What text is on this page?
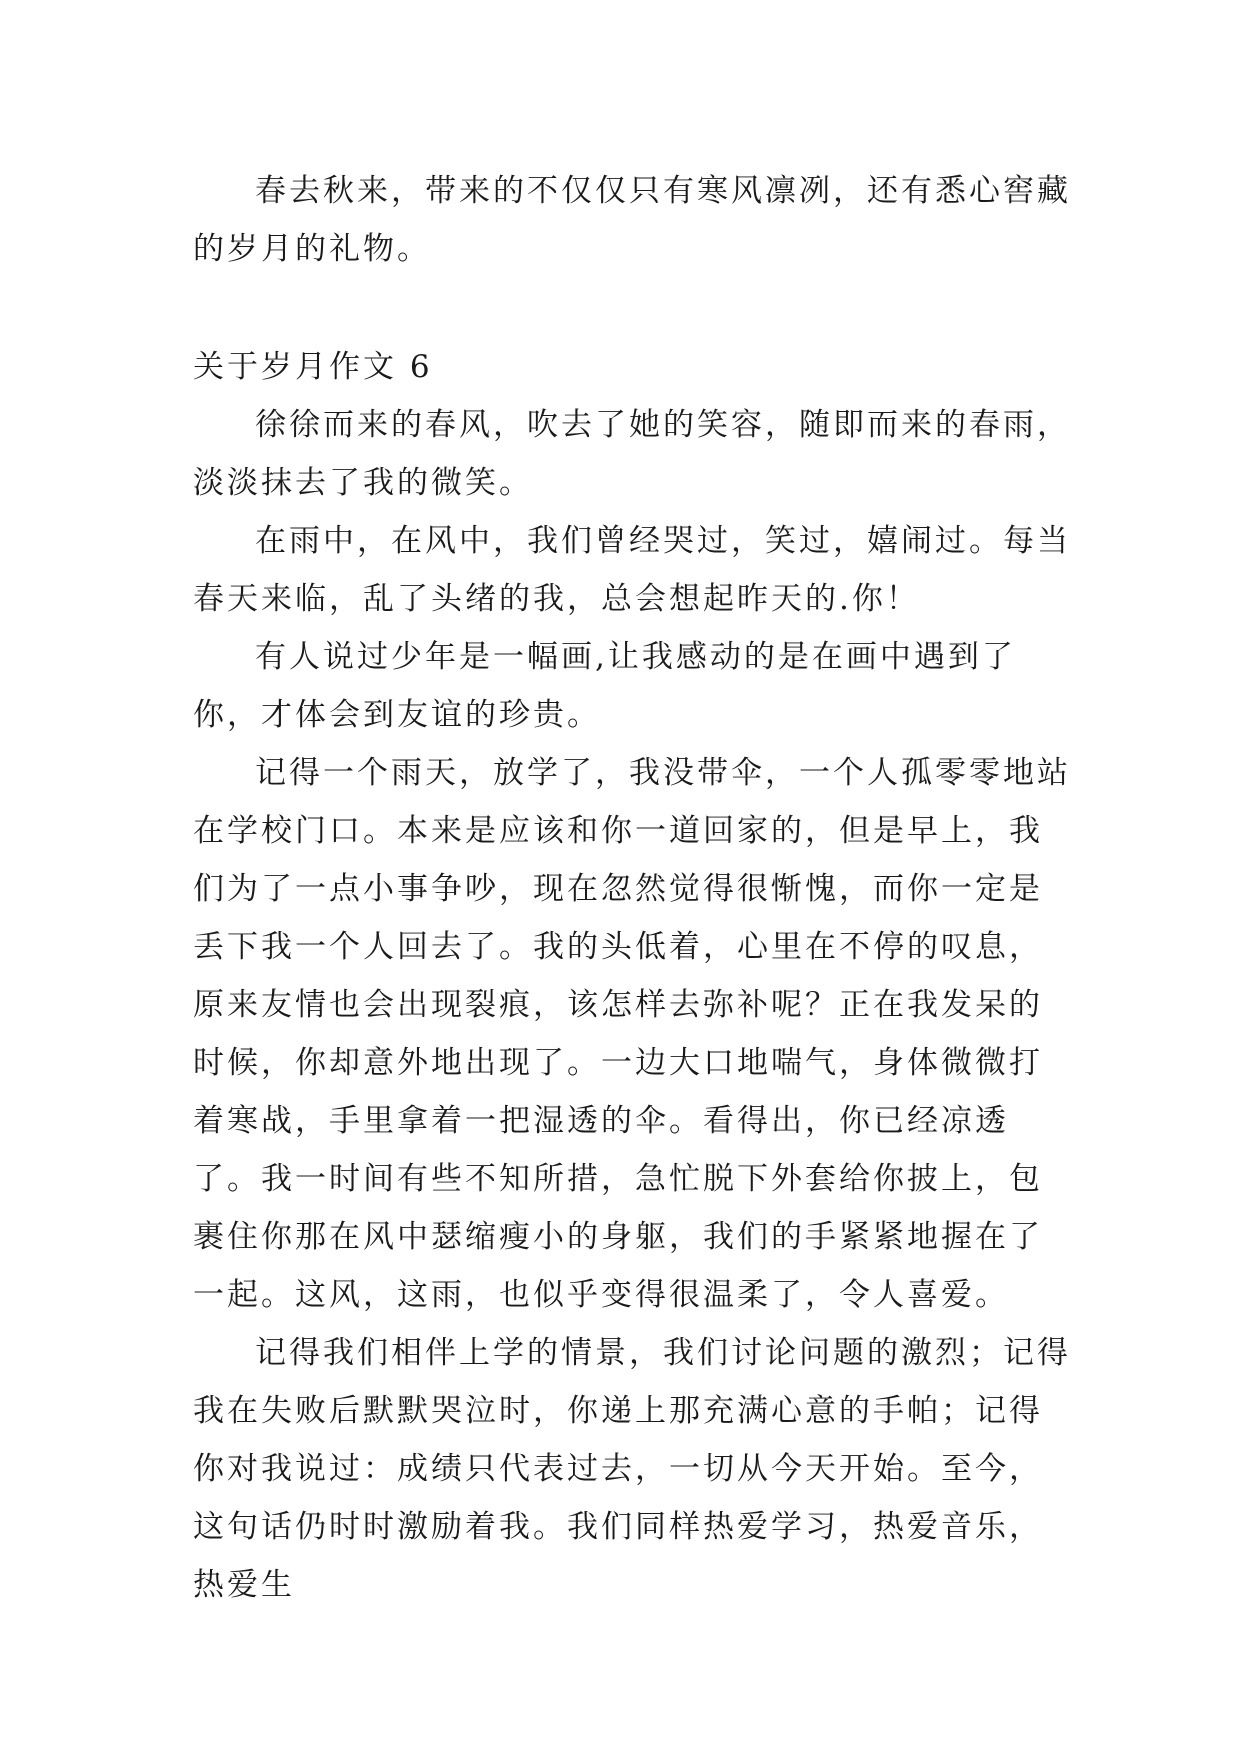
春去秋来，带来的不仅仅只有寒风凛冽，还有悉心窖藏的岁月的礼物。

关于岁月作文 6

徐徐而来的春风，吹去了她的笑容，随即而来的春雨，淡淡抹去了我的微笑。

在雨中，在风中，我们曾经哭过，笑过，嬉闹过。每当春天来临，乱了头绪的我，总会想起昨天的.你！

有人说过少年是一幅画,让我感动的是在画中遇到了你，才体会到友谊的珍贵。

记得一个雨天，放学了，我没带伞，一个人孤零零地站在学校门口。本来是应该和你一道回家的，但是早上，我们为了一点小事争吵，现在忽然觉得很惭愧，而你一定是丢下我一个人回去了。我的头低着，心里在不停的叹息，原来友情也会出现裂痕，该怎样去弥补呢？正在我发呆的时候，你却意外地出现了。一边大口地喘气，身体微微打着寒战，手里拿着一把湿透的伞。看得出，你已经凉透了。我一时间有些不知所措，急忙脱下外套给你披上，包裹住你那在风中瑟缩瘦小的身躯，我们的手紧紧地握在了一起。这风，这雨，也似乎变得很温柔了，令人喜爱。

记得我们相伴上学的情景，我们讨论问题的激烈；记得我在失败后默默哭泣时，你递上那充满心意的手帕；记得你对我说过：成绩只代表过去，一切从今天开始。至今，这句话仍时时激励着我。我们同样热爱学习，热爱音乐，热爱生
